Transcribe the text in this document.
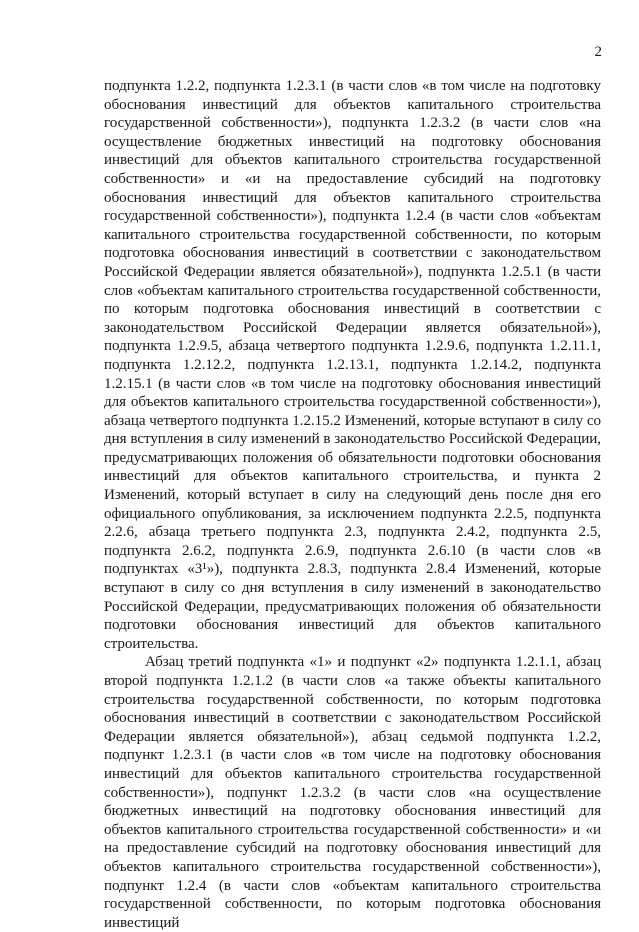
2

подпункта 1.2.2, подпункта 1.2.3.1 (в части слов «в том числе на подготовку обоснования инвестиций для объектов капитального строительства государственной собственности»), подпункта 1.2.3.2 (в части слов «на осуществление бюджетных инвестиций на подготовку обоснования инвестиций для объектов капитального строительства государственной собственности» и «и на предоставление субсидий на подготовку обоснования инвестиций для объектов капитального строительства государственной собственности»), подпункта 1.2.4 (в части слов «объектам капитального строительства государственной собственности, по которым подготовка обоснования инвестиций в соответствии с законодательством Российской Федерации является обязательной»), подпункта 1.2.5.1 (в части слов «объектам капитального строительства государственной собственности, по которым подготовка обоснования инвестиций в соответствии с законодательством Российской Федерации является обязательной»), подпункта 1.2.9.5, абзаца четвертого подпункта 1.2.9.6, подпункта 1.2.11.1, подпункта 1.2.12.2, подпункта 1.2.13.1, подпункта 1.2.14.2, подпункта 1.2.15.1 (в части слов «в том числе на подготовку обоснования инвестиций для объектов капитального строительства государственной собственности»), абзаца четвертого подпункта 1.2.15.2 Изменений, которые вступают в силу со дня вступления в силу изменений в законодательство Российской Федерации, предусматривающих положения об обязательности подготовки обоснования инвестиций для объектов капитального строительства, и пункта 2 Изменений, который вступает в силу на следующий день после дня его официального опубликования, за исключением подпункта 2.2.5, подпункта 2.2.6, абзаца третьего подпункта 2.3, подпункта 2.4.2, подпункта 2.5, подпункта 2.6.2, подпункта 2.6.9, подпункта 2.6.10 (в части слов «в подпунктах «3¹»), подпункта 2.8.3, подпункта 2.8.4 Изменений, которые вступают в силу со дня вступления в силу изменений в законодательство Российской Федерации, предусматривающих положения об обязательности подготовки обоснования инвестиций для объектов капитального строительства.

Абзац третий подпункта «1» и подпункт «2» подпункта 1.2.1.1, абзац второй подпункта 1.2.1.2 (в части слов «а также объекты капитального строительства государственной собственности, по которым подготовка обоснования инвестиций в соответствии с законодательством Российской Федерации является обязательной»), абзац седьмой подпункта 1.2.2, подпункт 1.2.3.1 (в части слов «в том числе на подготовку обоснования инвестиций для объектов капитального строительства государственной собственности»), подпункт 1.2.3.2 (в части слов «на осуществление бюджетных инвестиций на подготовку обоснования инвестиций для объектов капитального строительства государственной собственности» и «и на предоставление субсидий на подготовку обоснования инвестиций для объектов капитального строительства государственной собственности»), подпункт 1.2.4 (в части слов «объектам капитального строительства государственной собственности, по которым подготовка обоснования инвестиций
